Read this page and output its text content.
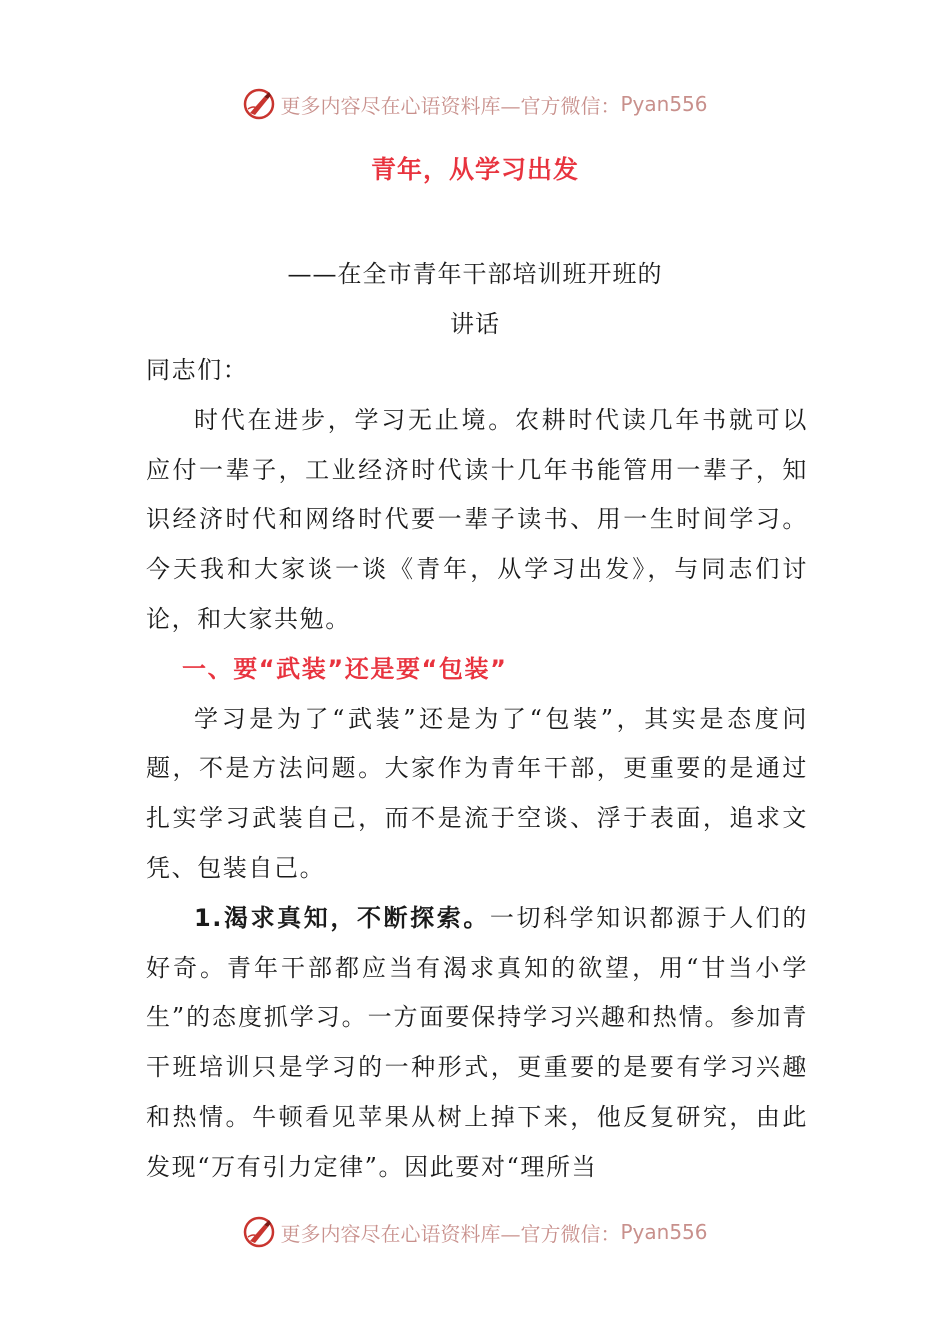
更多内容尽在心语资料库—官方微信： Pyan556
青年，从学习出发
——在全市青年干部培训班开班的
讲话

同志们：

时代在进步，学习无止境。农耕时代读几年书就可以应付一辈子，工业经济时代读十几年书能管用一辈子，知识经济时代和网络时代要一辈子读书、用一生时间学习。今天我和大家谈一谈《青年，从学习出发》，与同志们讨论，和大家共勉。

一、要“武装”还是要“包装”

学习是为了“武装”还是为了“包装”，其实是态度问题，不是方法问题。大家作为青年干部，更重要的是通过扎实学习武装自己，而不是流于空谈、浮于表面，追求文凭、包装自己。

1.渴求真知，不断探索。一切科学知识都源于人们的好奇。青年干部都应当有渴求真知的欲望，用“甘当小学生”的态度抓学习。一方面要保持学习兴趣和热情。参加青干班培训只是学习的一种形式，更重要的是要有学习兴趣和热情。牛顿看见苹果从树上掉下来，他反复研究，由此发现“万有引力定律”。因此要对“理所当

更多内容尽在心语资料库—官方微信： Pyan556
